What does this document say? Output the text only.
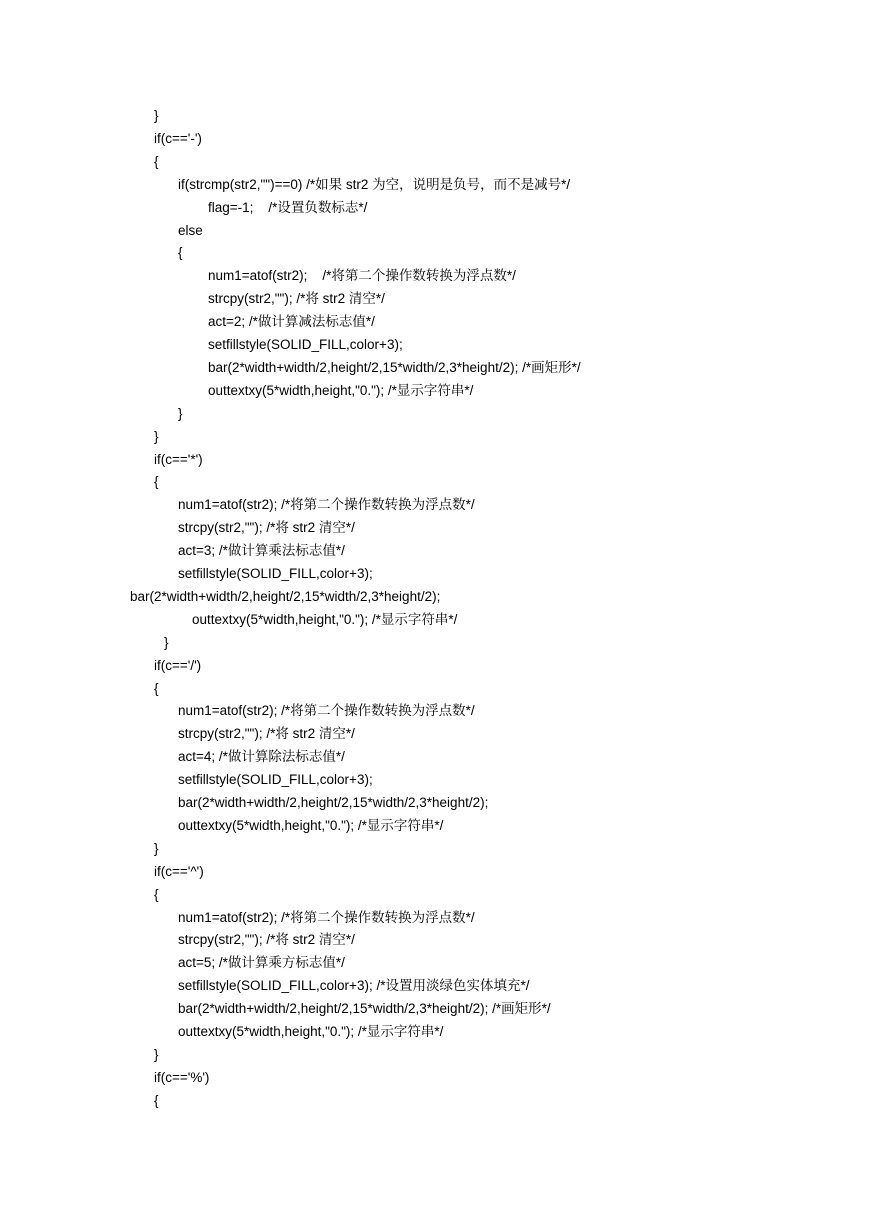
}
if(c=='-')
{
if(strcmp(str2,"")==0) /*如果 str2 为空，说明是负号，而不是减号*/
flag=-1;    /*设置负数标志*/
else
{
num1=atof(str2);    /*将第二个操作数转换为浮点数*/
strcpy(str2,""); /*将 str2 清空*/
act=2; /*做计算减法标志值*/
setfillstyle(SOLID_FILL,color+3);
bar(2*width+width/2,height/2,15*width/2,3*height/2); /*画矩形*/
outtextxy(5*width,height,"0."); /*显示字符串*/
}
}
if(c=='*')
{
num1=atof(str2); /*将第二个操作数转换为浮点数*/
strcpy(str2,""); /*将 str2 清空*/
act=3; /*做计算乘法标志值*/
setfillstyle(SOLID_FILL,color+3);
bar(2*width+width/2,height/2,15*width/2,3*height/2);
outtextxy(5*width,height,"0."); /*显示字符串*/
}
if(c=='/')
{
num1=atof(str2); /*将第二个操作数转换为浮点数*/
strcpy(str2,""); /*将 str2 清空*/
act=4; /*做计算除法标志值*/
setfillstyle(SOLID_FILL,color+3);
bar(2*width+width/2,height/2,15*width/2,3*height/2);
outtextxy(5*width,height,"0."); /*显示字符串*/
}
if(c=='^')
{
num1=atof(str2); /*将第二个操作数转换为浮点数*/
strcpy(str2,""); /*将 str2 清空*/
act=5; /*做计算乘方标志值*/
setfillstyle(SOLID_FILL,color+3); /*设置用淡绿色实体填充*/
bar(2*width+width/2,height/2,15*width/2,3*height/2); /*画矩形*/
outtextxy(5*width,height,"0."); /*显示字符串*/
}
if(c=='%')
{
